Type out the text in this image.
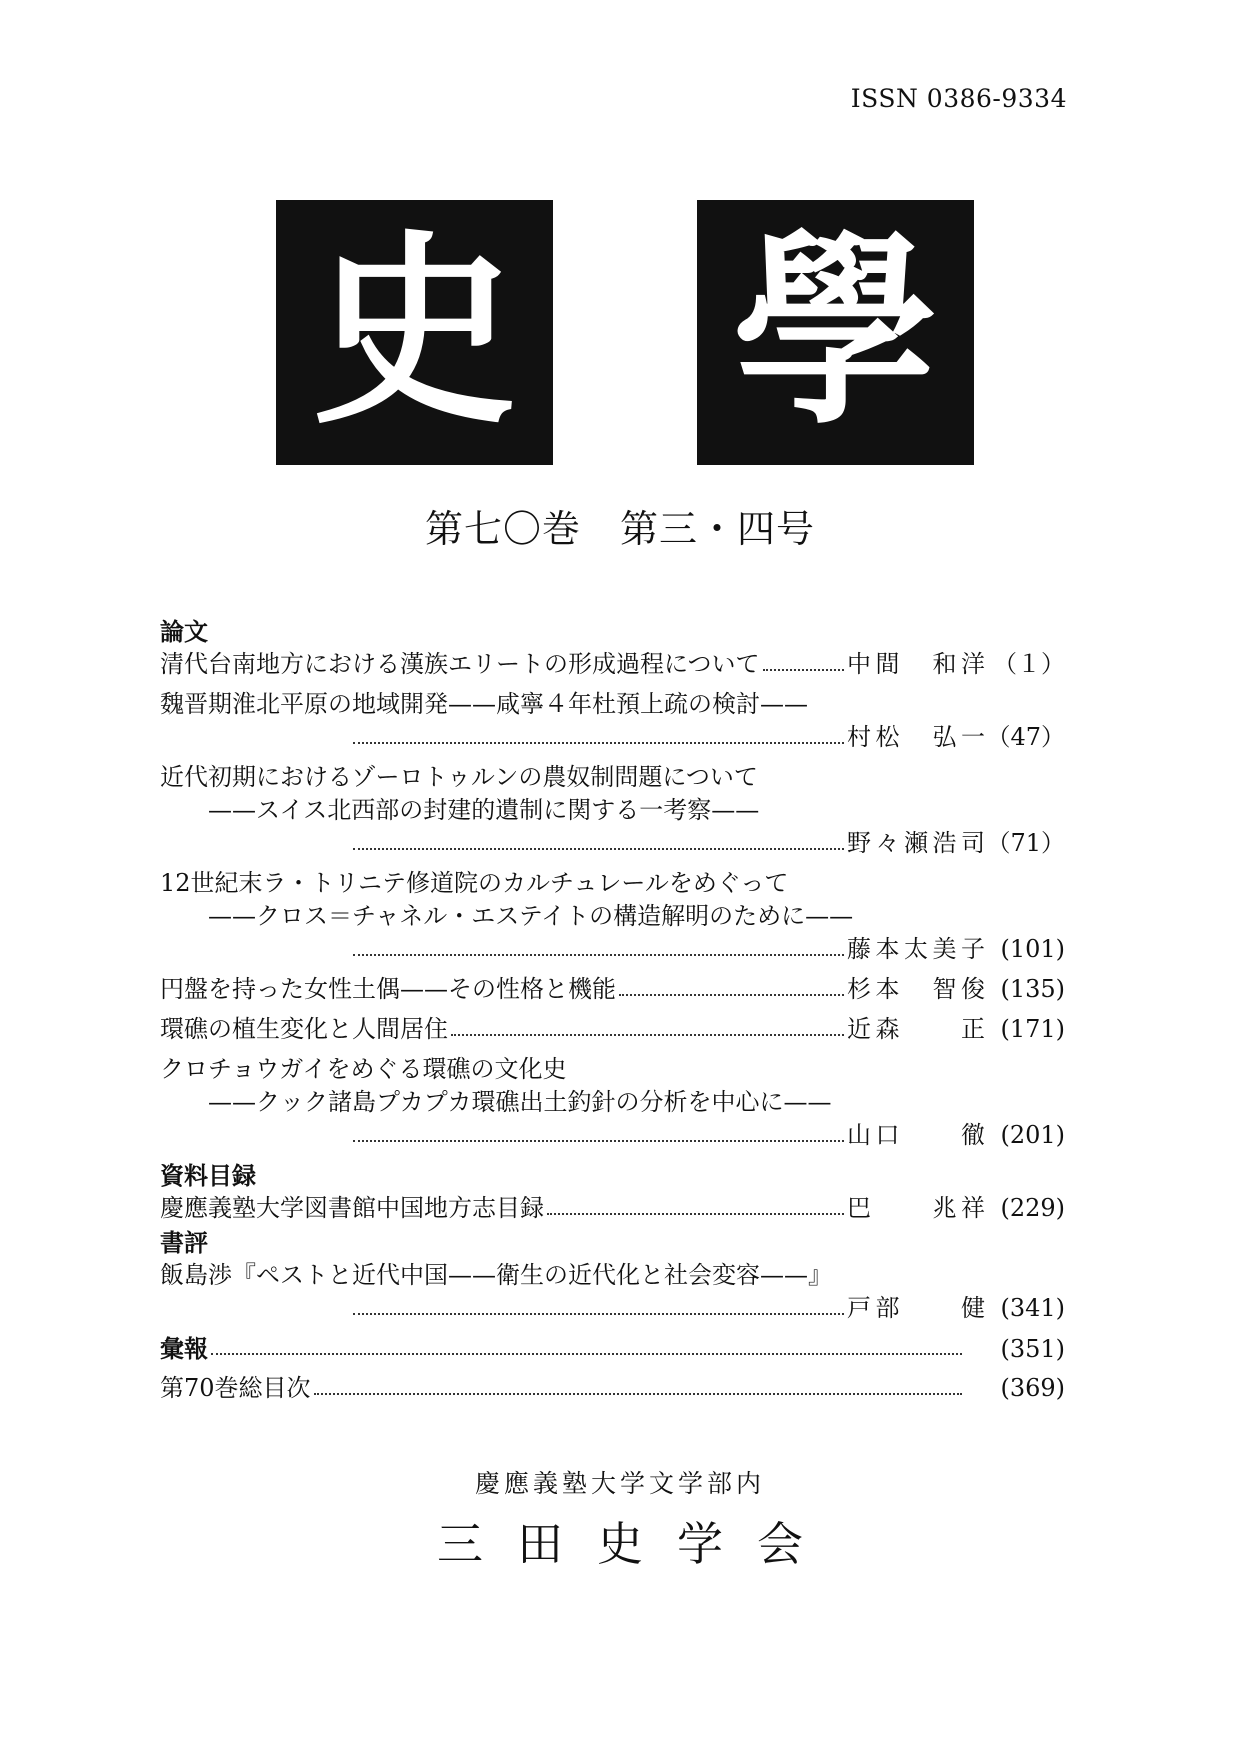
ISSN 0386-9334
史 學
第七〇巻　第三・四号
論文
清代台南地方における漢族エリートの形成過程について	中間　和洋 （１）
魏晋期淮北平原の地域開発——咸寧４年杜預上疏の検討——
村松　弘一 （47）
近代初期におけるゾーロトゥルンの農奴制問題について
——スイス北西部の封建的遺制に関する一考察——
野々瀬浩司 （71）
12世紀末ラ・トリニテ修道院のカルチュレールをめぐって
——クロス＝チャネル・エステイトの構造解明のために——
藤本太美子 (101)
円盤を持った女性土偶——その性格と機能	杉本　智俊 (135)
環礁の植生変化と人間居住	近森　　正 (171)
クロチョウガイをめぐる環礁の文化史
——クック諸島プカプカ環礁出土釣針の分析を中心に——
山口　　徹 (201)
資料目録
慶應義塾大学図書館中国地方志目録	巴　　兆祥 (229)
書評
飯島渉『ペストと近代中国——衛生の近代化と社会変容——』
戸部　　健 (341)
彙報	(351)
第70巻総目次	(369)
慶應義塾大学文学部内
三田史学会
